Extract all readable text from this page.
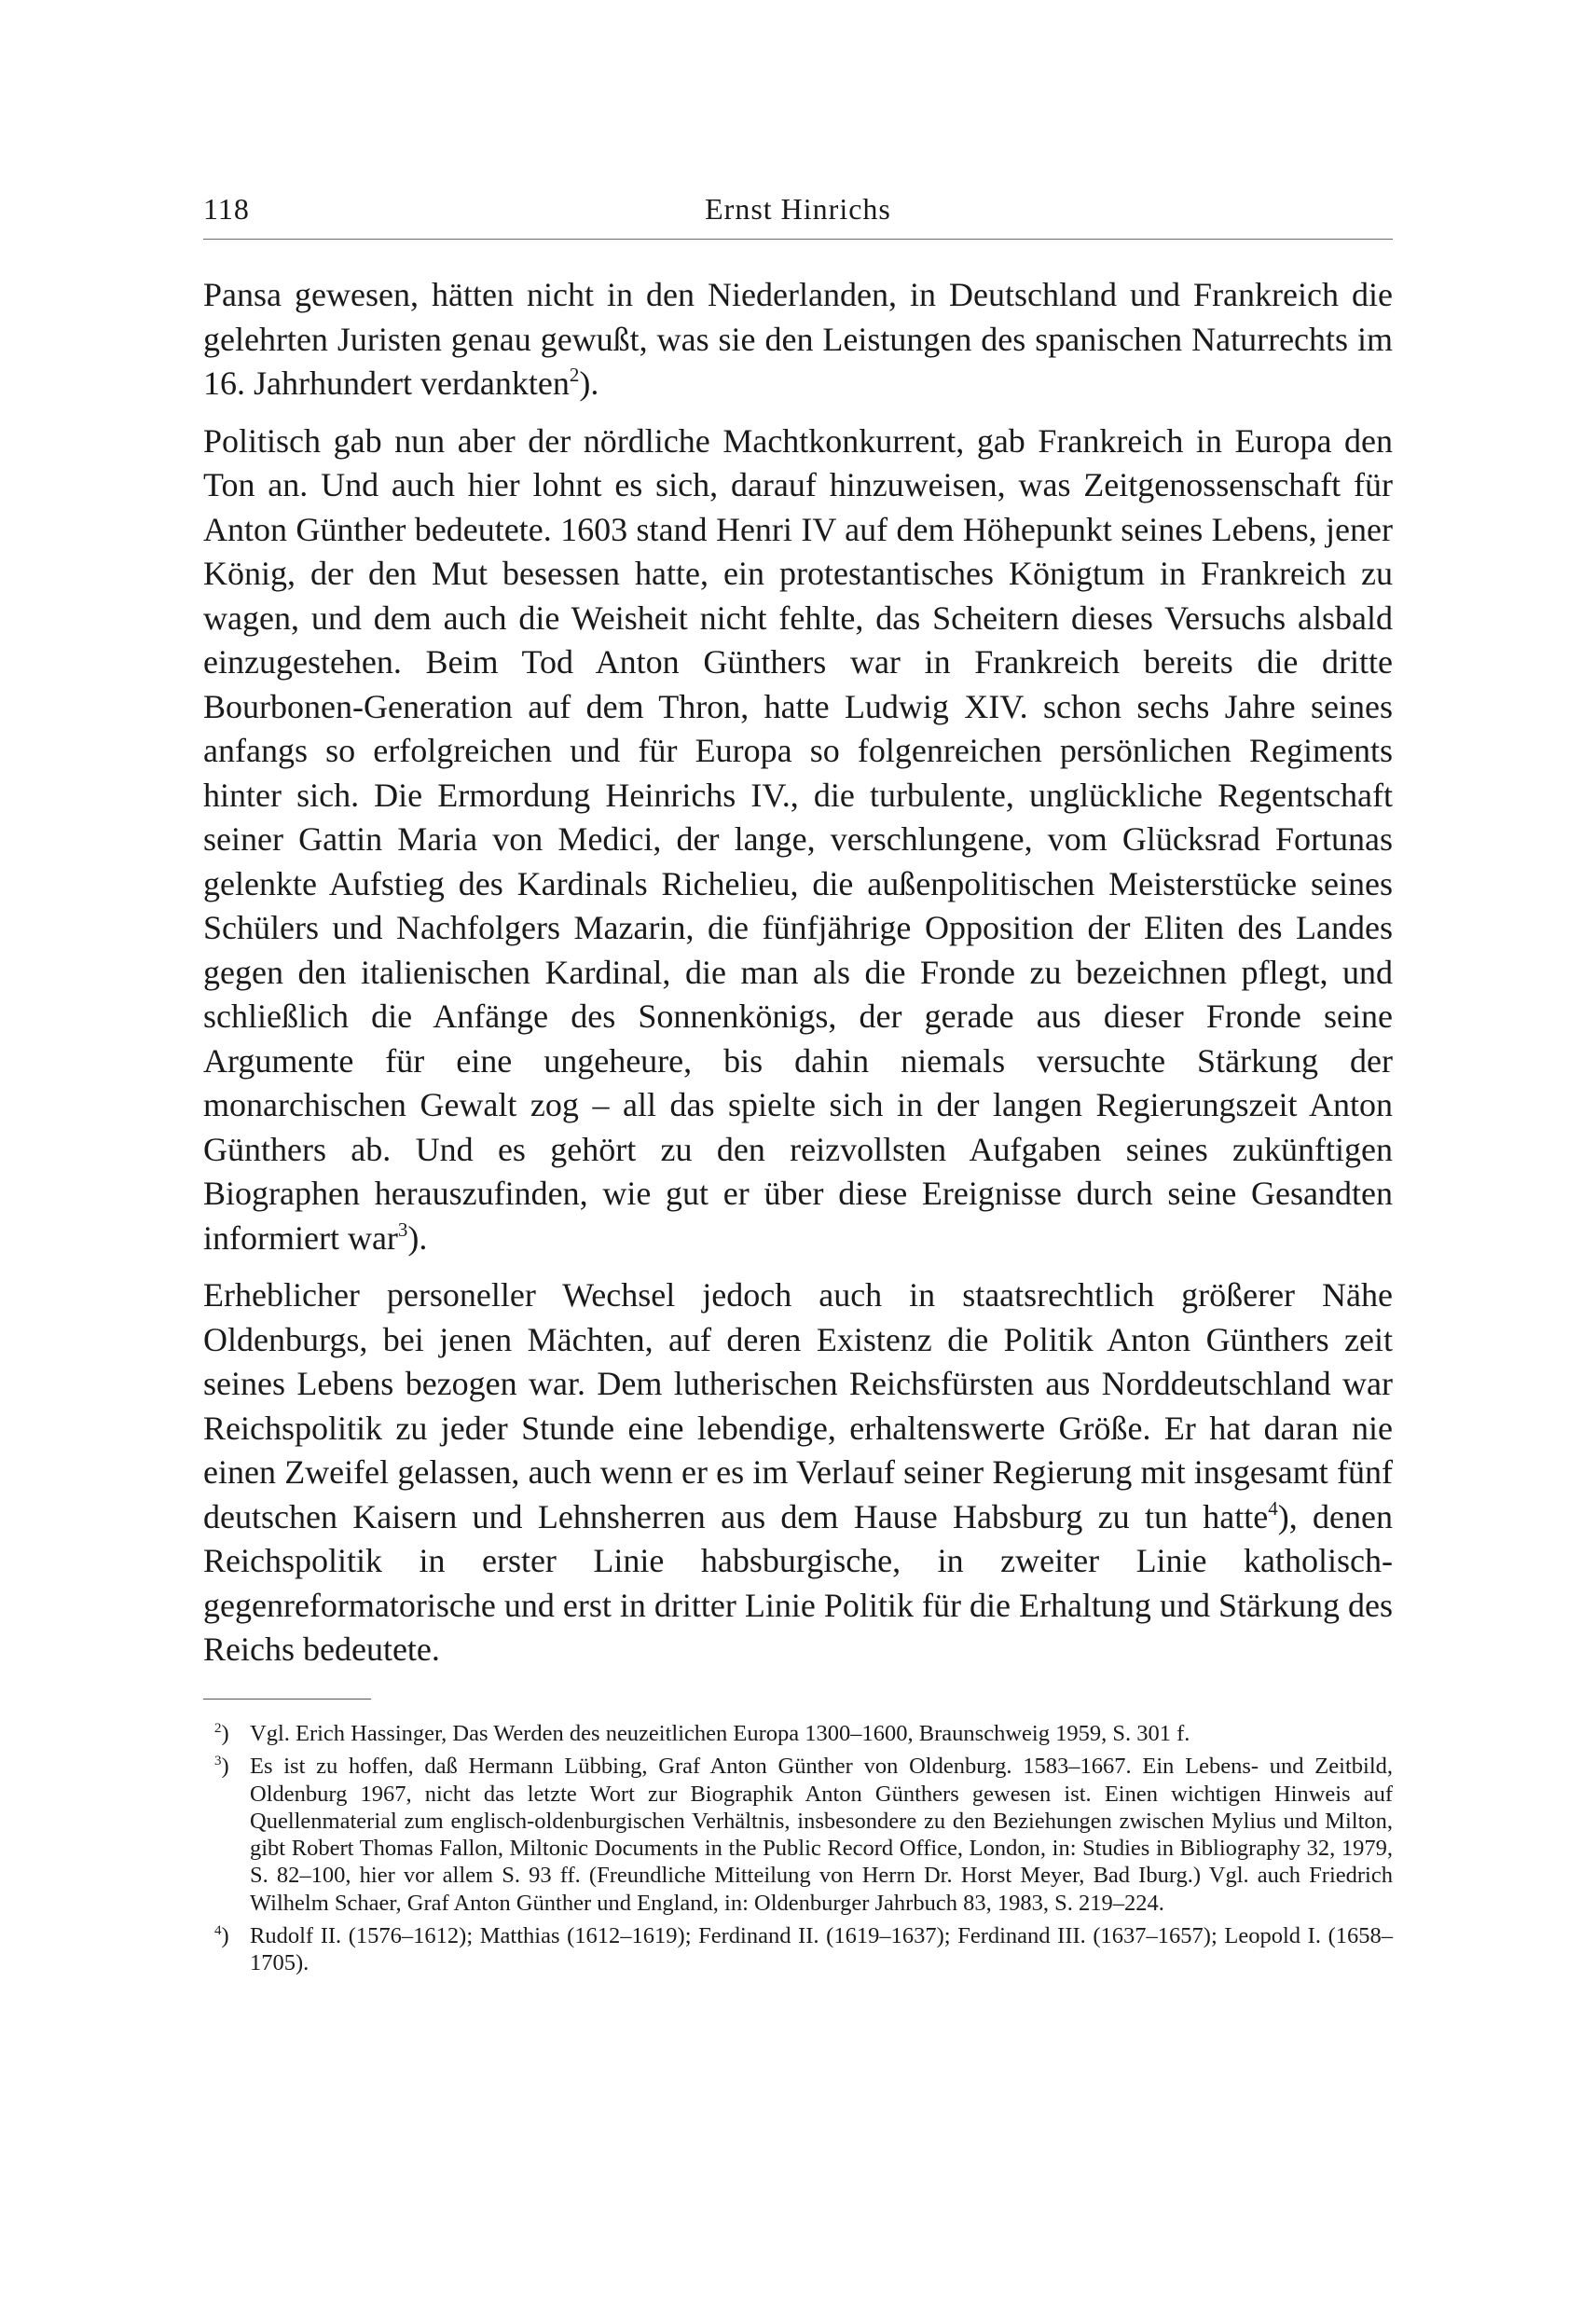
118	Ernst Hinrichs

Pansa gewesen, hätten nicht in den Niederlanden, in Deutschland und Frankreich die gelehrten Juristen genau gewußt, was sie den Leistungen des spanischen Naturrechts im 16. Jahrhundert verdankten$^2$).

Politisch gab nun aber der nördliche Machtkonkurrent, gab Frankreich in Europa den Ton an. Und auch hier lohnt es sich, darauf hinzuweisen, was Zeitgenossenschaft für Anton Günther bedeutete. 1603 stand Henri IV auf dem Höhepunkt seines Lebens, jener König, der den Mut besessen hatte, ein protestantisches Königtum in Frankreich zu wagen, und dem auch die Weisheit nicht fehlte, das Scheitern dieses Versuchs alsbald einzugestehen. Beim Tod Anton Günthers war in Frankreich bereits die dritte Bourbonen-Generation auf dem Thron, hatte Ludwig XIV. schon sechs Jahre seines anfangs so erfolgreichen und für Europa so folgenreichen persönlichen Regiments hinter sich. Die Ermordung Heinrichs IV., die turbulente, unglückliche Regentschaft seiner Gattin Maria von Medici, der lange, verschlungene, vom Glücksrad Fortunas gelenkte Aufstieg des Kardinals Richelieu, die außenpolitischen Meisterstücke seines Schülers und Nachfolgers Mazarin, die fünfjährige Opposition der Eliten des Landes gegen den italienischen Kardinal, die man als die Fronde zu bezeichnen pflegt, und schließlich die Anfänge des Sonnenkönigs, der gerade aus dieser Fronde seine Argumente für eine ungeheure, bis dahin niemals versuchte Stärkung der monarchischen Gewalt zog – all das spielte sich in der langen Regierungszeit Anton Günthers ab. Und es gehört zu den reizvollsten Aufgaben seines zukünftigen Biographen herauszufinden, wie gut er über diese Ereignisse durch seine Gesandten informiert war$^3$).

Erheblicher personeller Wechsel jedoch auch in staatsrechtlich größerer Nähe Oldenburgs, bei jenen Mächten, auf deren Existenz die Politik Anton Günthers zeit seines Lebens bezogen war. Dem lutherischen Reichsfürsten aus Norddeutschland war Reichspolitik zu jeder Stunde eine lebendige, erhaltenswerte Größe. Er hat daran nie einen Zweifel gelassen, auch wenn er es im Verlauf seiner Regierung mit insgesamt fünf deutschen Kaisern und Lehnsherren aus dem Hause Habsburg zu tun hatte$^4$), denen Reichspolitik in erster Linie habsburgische, in zweiter Linie katholisch-gegenreformatorische und erst in dritter Linie Politik für die Erhaltung und Stärkung des Reichs bedeutete.

$^2$) Vgl. Erich Hassinger, Das Werden des neuzeitlichen Europa 1300–1600, Braunschweig 1959, S. 301 f.

$^3$) Es ist zu hoffen, daß Hermann Lübbing, Graf Anton Günther von Oldenburg. 1583–1667. Ein Lebens- und Zeitbild, Oldenburg 1967, nicht das letzte Wort zur Biographik Anton Günthers gewesen ist. Einen wichtigen Hinweis auf Quellenmaterial zum englisch-oldenburgischen Verhältnis, insbesondere zu den Beziehungen zwischen Mylius und Milton, gibt Robert Thomas Fallon, Miltonic Documents in the Public Record Office, London, in: Studies in Bibliography 32, 1979, S. 82–100, hier vor allem S. 93 ff. (Freundliche Mitteilung von Herrn Dr. Horst Meyer, Bad Iburg.) Vgl. auch Friedrich Wilhelm Schaer, Graf Anton Günther und England, in: Oldenburger Jahrbuch 83, 1983, S. 219–224.

$^4$) Rudolf II. (1576–1612); Matthias (1612–1619); Ferdinand II. (1619–1637); Ferdinand III. (1637–1657); Leopold I. (1658–1705).
